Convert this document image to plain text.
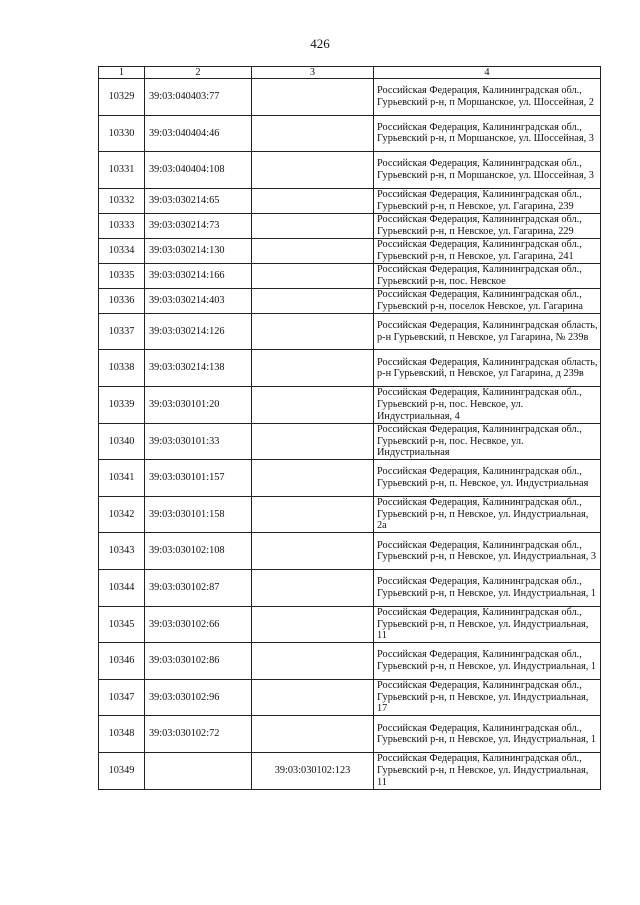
426
1	2	3	4
10329	39:03:040403:77		Российская Федерация, Калининградская обл., Гурьевский р-н, п Моршанское, ул. Шоссейная, 2
10330	39:03:040404:46		Российская Федерация, Калининградская обл., Гурьевский р-н, п Моршанское, ул. Шоссейная, 3
10331	39:03:040404:108		Российская Федерация, Калининградская обл., Гурьевский р-н, п Моршанское, ул. Шоссейная, 3
10332	39:03:030214:65		Российская Федерация, Калининградская обл., Гурьевский р-н, п Невское, ул. Гагарина, 239
10333	39:03:030214:73		Российская Федерация, Калининградская обл., Гурьевский р-н, п Невское, ул. Гагарина, 229
10334	39:03:030214:130		Российская Федерация, Калининградская обл., Гурьевский р-н, п Невское, ул. Гагарина, 241
10335	39:03:030214:166		Российская Федерация, Калининградская обл., Гурьевский р-н, пос. Невское
10336	39:03:030214:403		Российская Федерация, Калининградская обл., Гурьевский р-н, поселок Невское, ул. Гагарина
10337	39:03:030214:126		Российская Федерация, Калининградская область, р-н Гурьевский, п Невское, ул Гагарина, № 239в
10338	39:03:030214:138		Российская Федерация, Калининградская область, р-н Гурьевский, п Невское, ул Гагарина, д 239в
10339	39:03:030101:20		Российская Федерация, Калининградская обл., Гурьевский р-н, пос. Невское, ул. Индустриальная, 4
10340	39:03:030101:33		Российская Федерация, Калининградская обл., Гурьевский р-н, пос. Несвкое, ул. Индустриальная
10341	39:03:030101:157		Российская Федерация, Калининградская обл., Гурьевский р-н, п. Невское, ул. Индустриальная
10342	39:03:030101:158		Российская Федерация, Калининградская обл., Гурьевский р-н, п Невское, ул. Индустриальная, 2а
10343	39:03:030102:108		Российская Федерация, Калининградская обл., Гурьевский р-н, п Невское, ул. Индустриальная, 3
10344	39:03:030102:87		Российская Федерация, Калининградская обл., Гурьевский р-н, п Невское, ул. Индустриальная, 1
10345	39:03:030102:66		Российская Федерация, Калининградская обл., Гурьевский р-н, п Невское, ул. Индустриальная, 11
10346	39:03:030102:86		Российская Федерация, Калининградская обл., Гурьевский р-н, п Невское, ул. Индустриальная, 1
10347	39:03:030102:96		Российская Федерация, Калининградская обл., Гурьевский р-н, п Невское, ул. Индустриальная, 17
10348	39:03:030102:72		Российская Федерация, Калининградская обл., Гурьевский р-н, п Невское, ул. Индустриальная, 1
10349		39:03:030102:123	Российская Федерация, Калининградская обл., Гурьевский р-н, п Невское, ул. Индустриальная, 11
